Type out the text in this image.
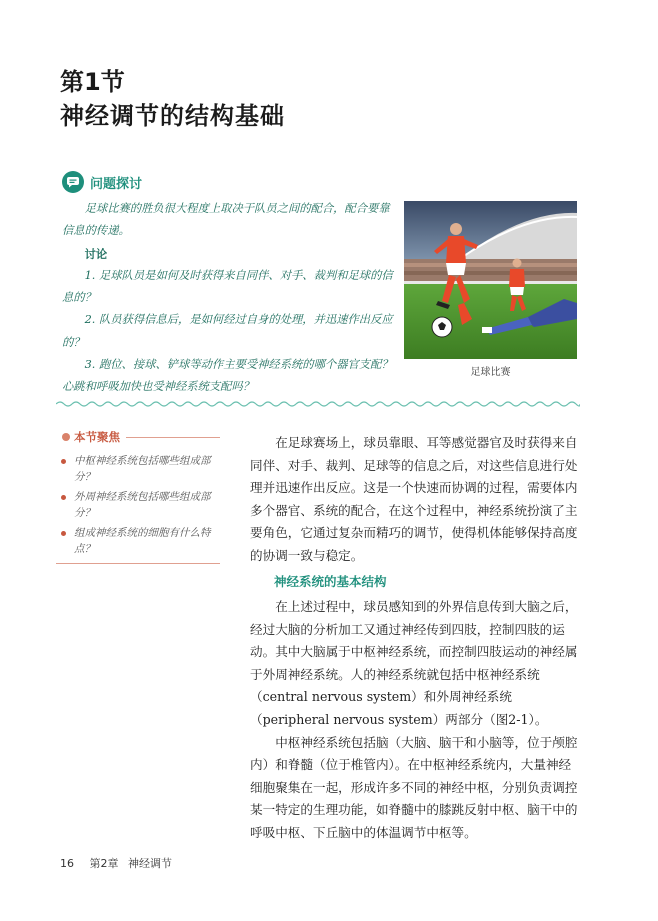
第1节
神经调节的结构基础
问题探讨

足球比赛的胜负很大程度上取决于队员之间的配合，配合要靠信息的传递。

讨论

1. 足球队员是如何及时获得来自同伴、对手、裁判和足球的信息的？

2. 队员获得信息后，是如何经过自身的处理，并迅速作出反应的？

3. 跑位、接球、铲球等动作主要受神经系统的哪个器官支配？心跳和呼吸加快也受神经系统支配吗？

足球比赛
本节聚焦
中枢神经系统包括哪些组成部分？
外周神经系统包括哪些组成部分？
组成神经系统的细胞有什么特点？

在足球赛场上，球员靠眼、耳等感觉器官及时获得来自同伴、对手、裁判、足球等的信息之后，对这些信息进行处理并迅速作出反应。这是一个快速而协调的过程，需要体内多个器官、系统的配合，在这个过程中，神经系统扮演了主要角色，它通过复杂而精巧的调节，使得机体能够保持高度的协调一致与稳定。

神经系统的基本结构

在上述过程中，球员感知到的外界信息传到大脑之后，经过大脑的分析加工又通过神经传到四肢，控制四肢的运动。其中大脑属于中枢神经系统，而控制四肢运动的神经属于外周神经系统。人的神经系统就包括中枢神经系统（central nervous system）和外周神经系统（peripheral nervous system）两部分（图2-1）。

中枢神经系统包括脑（大脑、脑干和小脑等，位于颅腔内）和脊髓（位于椎管内）。在中枢神经系统内，大量神经细胞聚集在一起，形成许多不同的神经中枢，分别负责调控某一特定的生理功能，如脊髓中的膝跳反射中枢、脑干中的呼吸中枢、下丘脑中的体温调节中枢等。

16 第2章 神经调节
